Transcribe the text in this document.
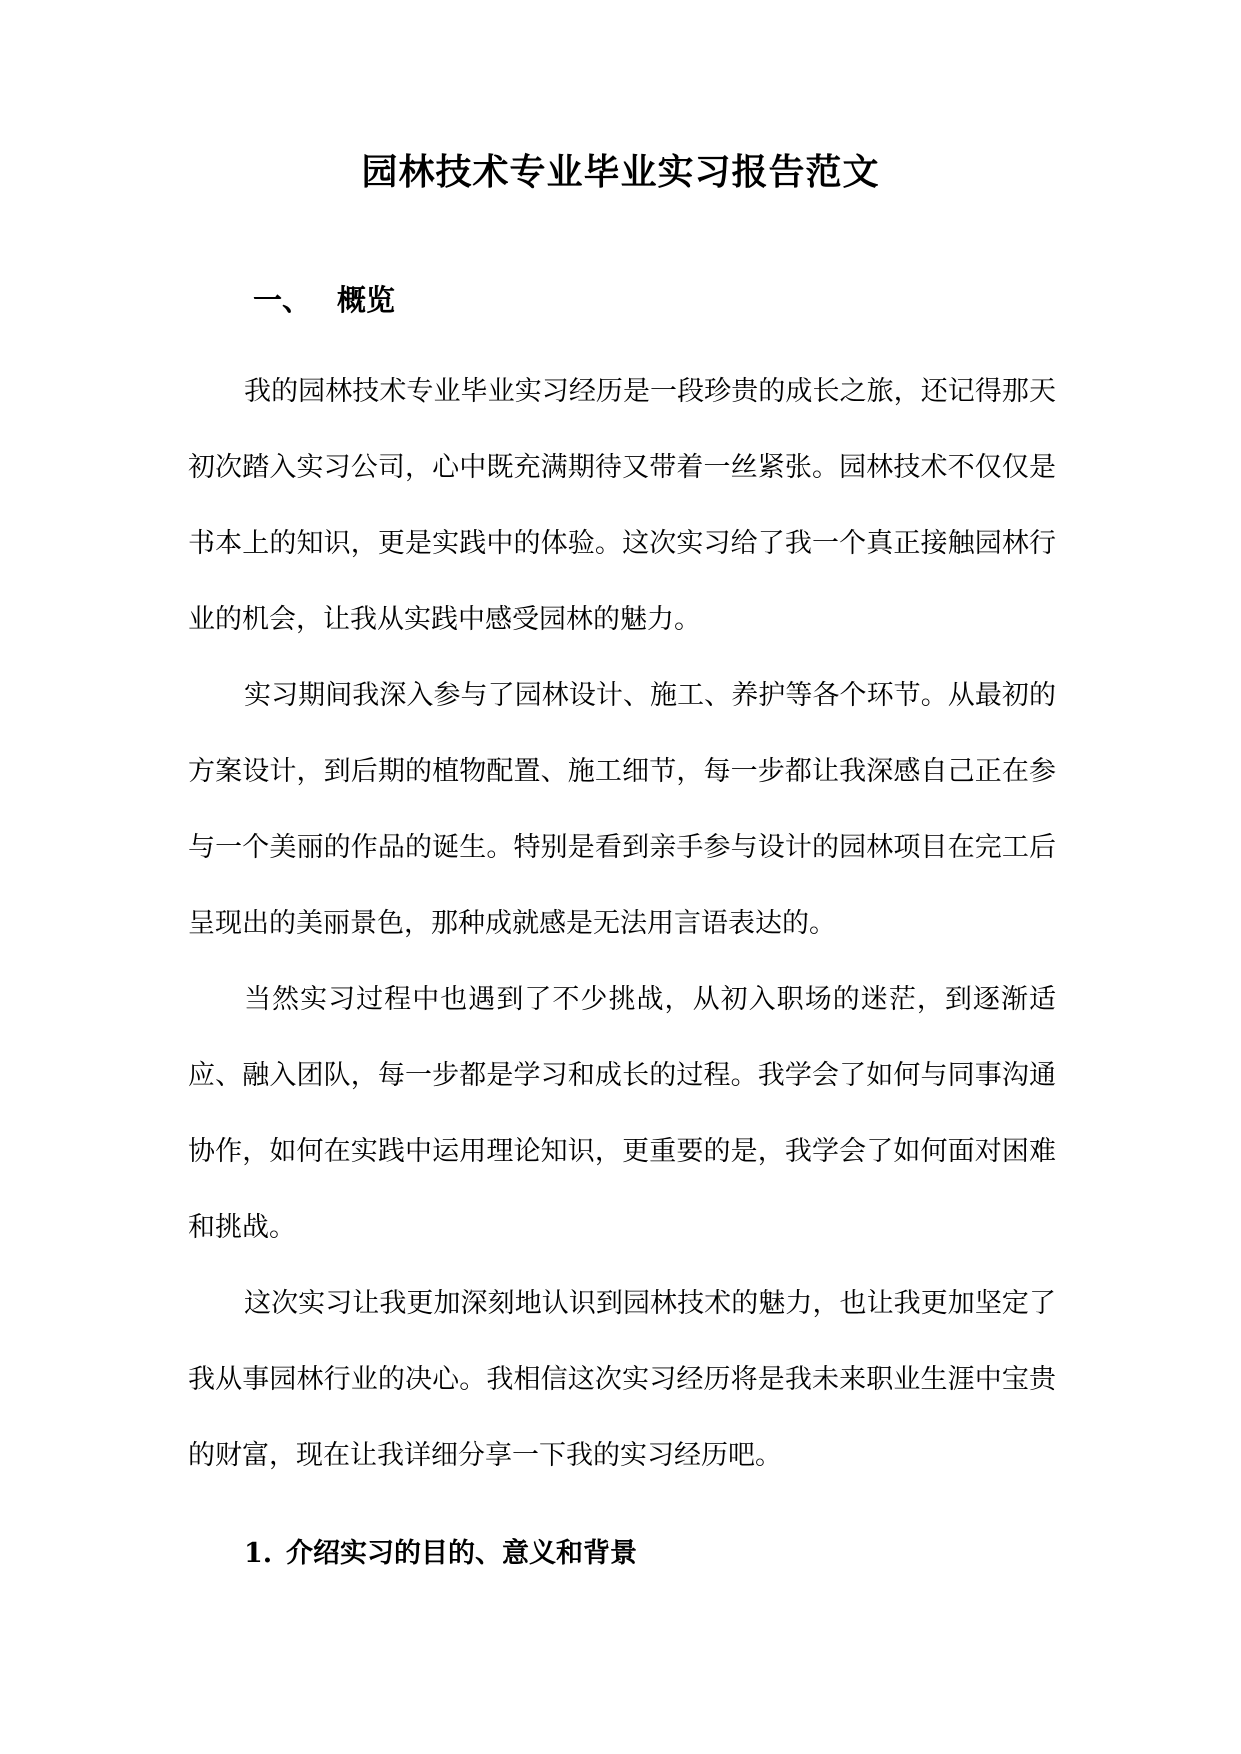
园林技术专业毕业实习报告范文
一、 概览

我的园林技术专业毕业实习经历是一段珍贵的成长之旅，还记得那天初次踏入实习公司，心中既充满期待又带着一丝紧张。园林技术不仅仅是书本上的知识，更是实践中的体验。这次实习给了我一个真正接触园林行业的机会，让我从实践中感受园林的魅力。

实习期间我深入参与了园林设计、施工、养护等各个环节。从最初的方案设计，到后期的植物配置、施工细节，每一步都让我深感自己正在参与一个美丽的作品的诞生。特别是看到亲手参与设计的园林项目在完工后呈现出的美丽景色，那种成就感是无法用言语表达的。

当然实习过程中也遇到了不少挑战，从初入职场的迷茫，到逐渐适应、融入团队，每一步都是学习和成长的过程。我学会了如何与同事沟通协作，如何在实践中运用理论知识，更重要的是，我学会了如何面对困难和挑战。

这次实习让我更加深刻地认识到园林技术的魅力，也让我更加坚定了我从事园林行业的决心。我相信这次实习经历将是我未来职业生涯中宝贵的财富，现在让我详细分享一下我的实习经历吧。

1. 介绍实习的目的、意义和背景
